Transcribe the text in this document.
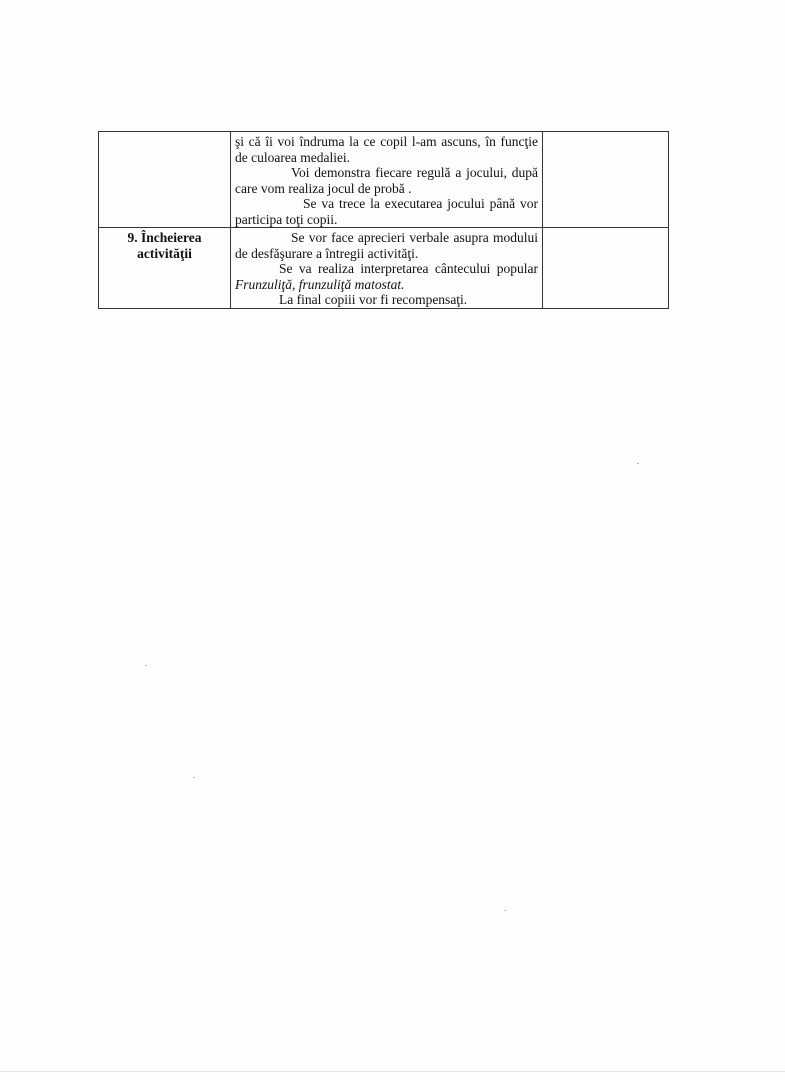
	şi că îi voi îndruma la ce copil l-am ascuns, în funcţie de culoarea medaliei.

Voi demonstra fiecare regulă a jocului, după care vom realiza jocul de probă .

Se va trece la executarea jocului până vor participa toţi copii.	

9. Încheierea activităţii	Se vor face aprecieri verbale asupra modului de desfăşurare a întregii activităţi.

Se va realiza interpretarea cântecului popular Frunzuliţă, frunzuliţă matostat.

La final copiii vor fi recompensaţi.	
